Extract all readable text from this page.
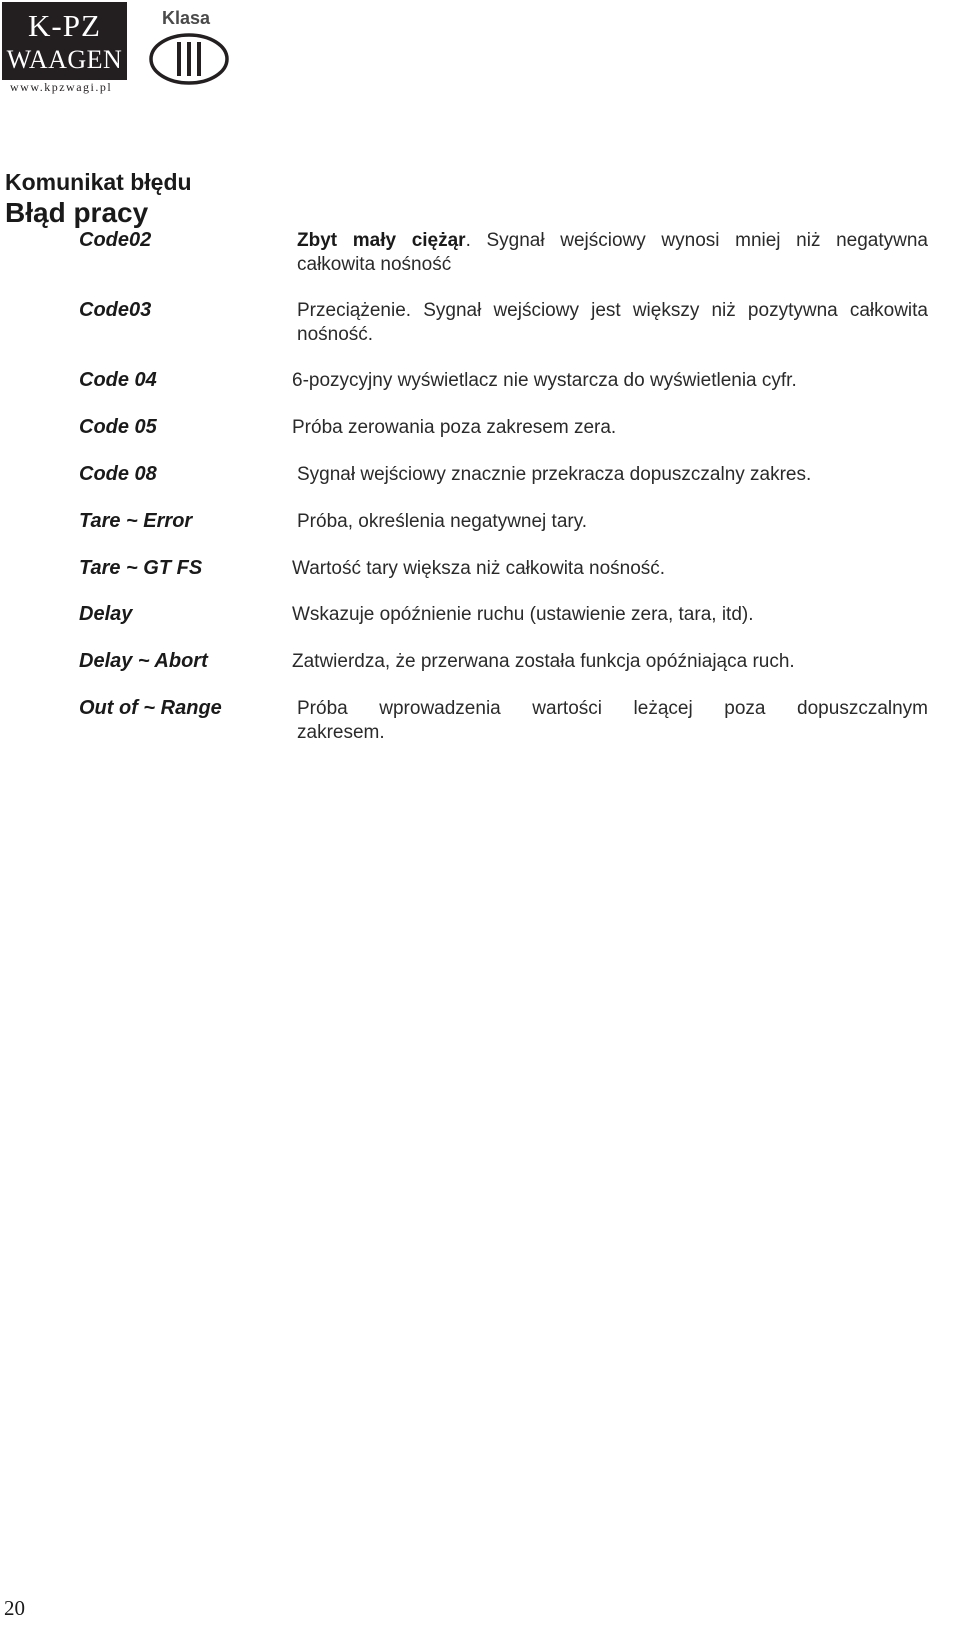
K-PZ
WAAGEN
www.kpzwagi.pl
Klasa
Komunikat błędu
Błąd pracy
Code02	Zbyt mały ciężąr. Sygnał wejściowy wynosi mniej niż negatywna całkowita nośność
Code03	Przeciążenie. Sygnał wejściowy jest większy niż pozytywna całkowita nośność.
Code 04	6-pozycyjny wyświetlacz nie wystarcza do wyświetlenia cyfr.
Code 05	Próba zerowania poza zakresem zera.
Code 08	Sygnał wejściowy znacznie przekracza dopuszczalny zakres.
Tare ~ Error	Próba, określenia negatywnej tary.
Tare ~ GT FS	Wartość tary większa niż całkowita nośność.
Delay	Wskazuje opóźnienie ruchu (ustawienie zera, tara, itd).
Delay ~ Abort	Zatwierdza, że przerwana została funkcja opóźniająca ruch.
Out of ~ Range	Próba wprowadzenia wartości leżącej poza dopuszczalnym zakresem.
20
